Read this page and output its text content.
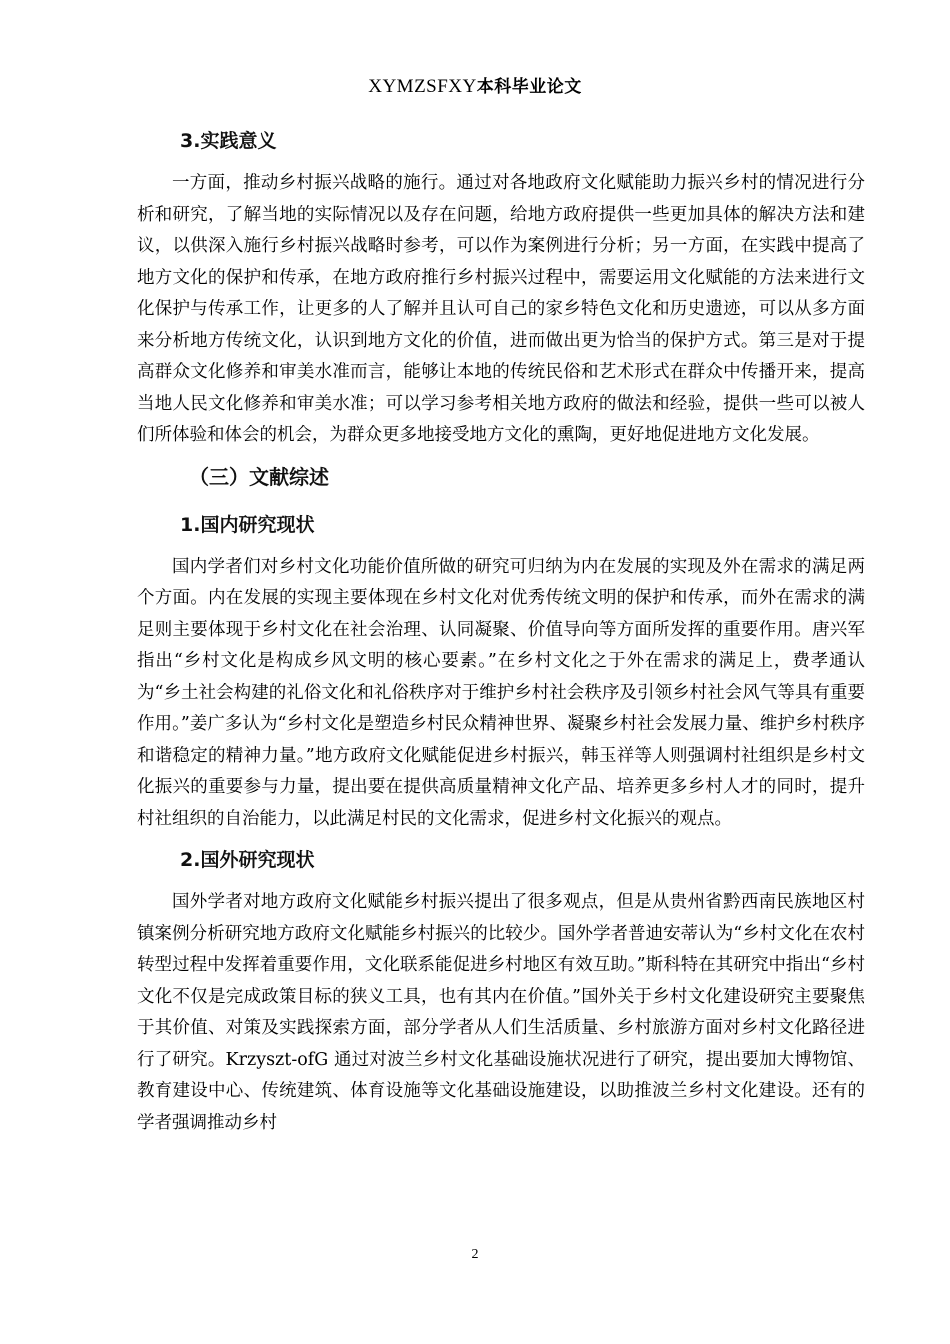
XYMZSFXY本科毕业论文
3.实践意义

一方面，推动乡村振兴战略的施行。通过对各地政府文化赋能助力振兴乡村的情况进行分析和研究，了解当地的实际情况以及存在问题，给地方政府提供一些更加具体的解决方法和建议，以供深入施行乡村振兴战略时参考，可以作为案例进行分析；另一方面，在实践中提高了地方文化的保护和传承，在地方政府推行乡村振兴过程中，需要运用文化赋能的方法来进行文化保护与传承工作，让更多的人了解并且认可自己的家乡特色文化和历史遗迹，可以从多方面来分析地方传统文化，认识到地方文化的价值，进而做出更为恰当的保护方式。第三是对于提高群众文化修养和审美水准而言，能够让本地的传统民俗和艺术形式在群众中传播开来，提高当地人民文化修养和审美水准；可以学习参考相关地方政府的做法和经验，提供一些可以被人们所体验和体会的机会，为群众更多地接受地方文化的熏陶，更好地促进地方文化发展。

（三）文献综述
1.国内研究现状

国内学者们对乡村文化功能价值所做的研究可归纳为内在发展的实现及外在需求的满足两个方面。内在发展的实现主要体现在乡村文化对优秀传统文明的保护和传承，而外在需求的满足则主要体现于乡村文化在社会治理、认同凝聚、价值导向等方面所发挥的重要作用。唐兴军指出“乡村文化是构成乡风文明的核心要素。”在乡村文化之于外在需求的满足上，费孝通认为“乡土社会构建的礼俗文化和礼俗秩序对于维护乡村社会秩序及引领乡村社会风气等具有重要作用。”姜广多认为“乡村文化是塑造乡村民众精神世界、凝聚乡村社会发展力量、维护乡村秩序和谐稳定的精神力量。”地方政府文化赋能促进乡村振兴，韩玉祥等人则强调村社组织是乡村文化振兴的重要参与力量，提出要在提供高质量精神文化产品、培养更多乡村人才的同时，提升村社组织的自治能力，以此满足村民的文化需求，促进乡村文化振兴的观点。

2.国外研究现状

国外学者对地方政府文化赋能乡村振兴提出了很多观点，但是从贵州省黔西南民族地区村镇案例分析研究地方政府文化赋能乡村振兴的比较少。国外学者普迪安蒂认为“乡村文化在农村转型过程中发挥着重要作用，文化联系能促进乡村地区有效互助。”斯科特在其研究中指出“乡村文化不仅是完成政策目标的狭义工具，也有其内在价值。”国外关于乡村文化建设研究主要聚焦于其价值、对策及实践探索方面，部分学者从人们生活质量、乡村旅游方面对乡村文化路径进行了研究。Krzyszt-ofG 通过对波兰乡村文化基础设施状况进行了研究，提出要加大博物馆、教育建设中心、传统建筑、体育设施等文化基础设施建设，以助推波兰乡村文化建设。还有的学者强调推动乡村

2
